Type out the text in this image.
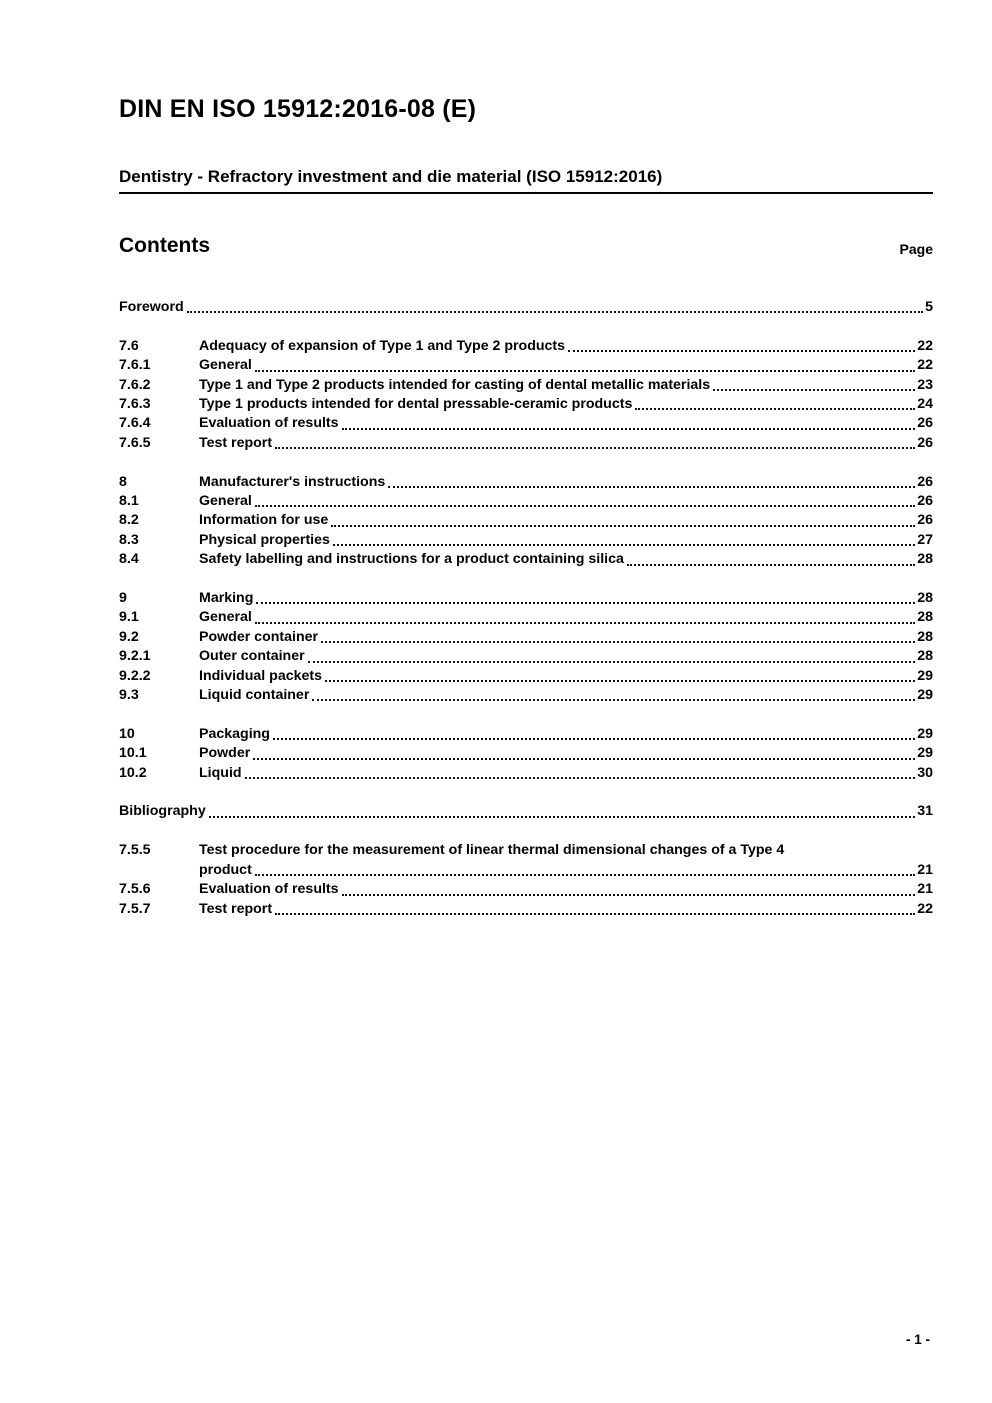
DIN EN ISO 15912:2016-08 (E)
Dentistry - Refractory investment and die material (ISO 15912:2016)
Contents	Page
Foreword	5
7.6	Adequacy of expansion of Type 1 and Type 2 products	22
7.6.1	General	22
7.6.2	Type 1 and Type 2 products intended for casting of dental metallic materials	23
7.6.3	Type 1 products intended for dental pressable-ceramic products	24
7.6.4	Evaluation of results	26
7.6.5	Test report	26
8	Manufacturer's instructions	26
8.1	General	26
8.2	Information for use	26
8.3	Physical properties	27
8.4	Safety labelling and instructions for a product containing silica	28
9	Marking	28
9.1	General	28
9.2	Powder container	28
9.2.1	Outer container	28
9.2.2	Individual packets	29
9.3	Liquid container	29
10	Packaging	29
10.1	Powder	29
10.2	Liquid	30
Bibliography	31
7.5.5	Test procedure for the measurement of linear thermal dimensional changes of a Type 4
product	21
7.5.6	Evaluation of results	21
7.5.7	Test report	22
- 1 -
